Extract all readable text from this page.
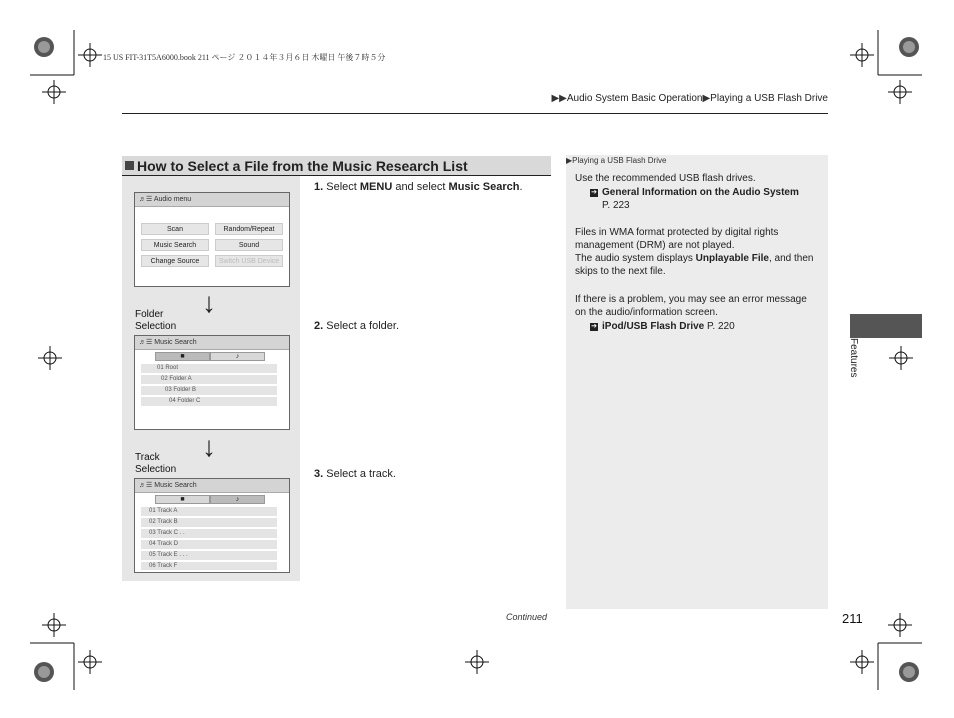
15 US FIT-31T5A6000.book 211 ページ ２０１４年３月６日 木曜日 午後７時５分
▶▶Audio System Basic Operation▶Playing a USB Flash Drive
How to Select a File from the Music Research List
♬☰ Audio menu
Scan	Random/Repeat
Music Search	Sound
Change Source	Switch USB Device
↓
Folder
Selection
♬☰ Music Search
■	♪
01 Root
02 Folder A
03 Folder B
04 Folder C
↓
Track
Selection
♬☰ Music Search
■	♪
01 Track A
02 Track B
03 Track C . .
04 Track D
05 Track E . . .
06 Track F
1. Select MENU and select Music Search.
2. Select a folder.
3. Select a track.
▶Playing a USB Flash Drive
Use the recommended USB flash drives.
➔ General Information on the Audio System
P. 223
Files in WMA format protected by digital rights
management (DRM) are not played.
The audio system displays Unplayable File, and then
skips to the next file.
If there is a problem, you may see an error message
on the audio/information screen.
➔ iPod/USB Flash Drive P. 220
Features
Continued	211
